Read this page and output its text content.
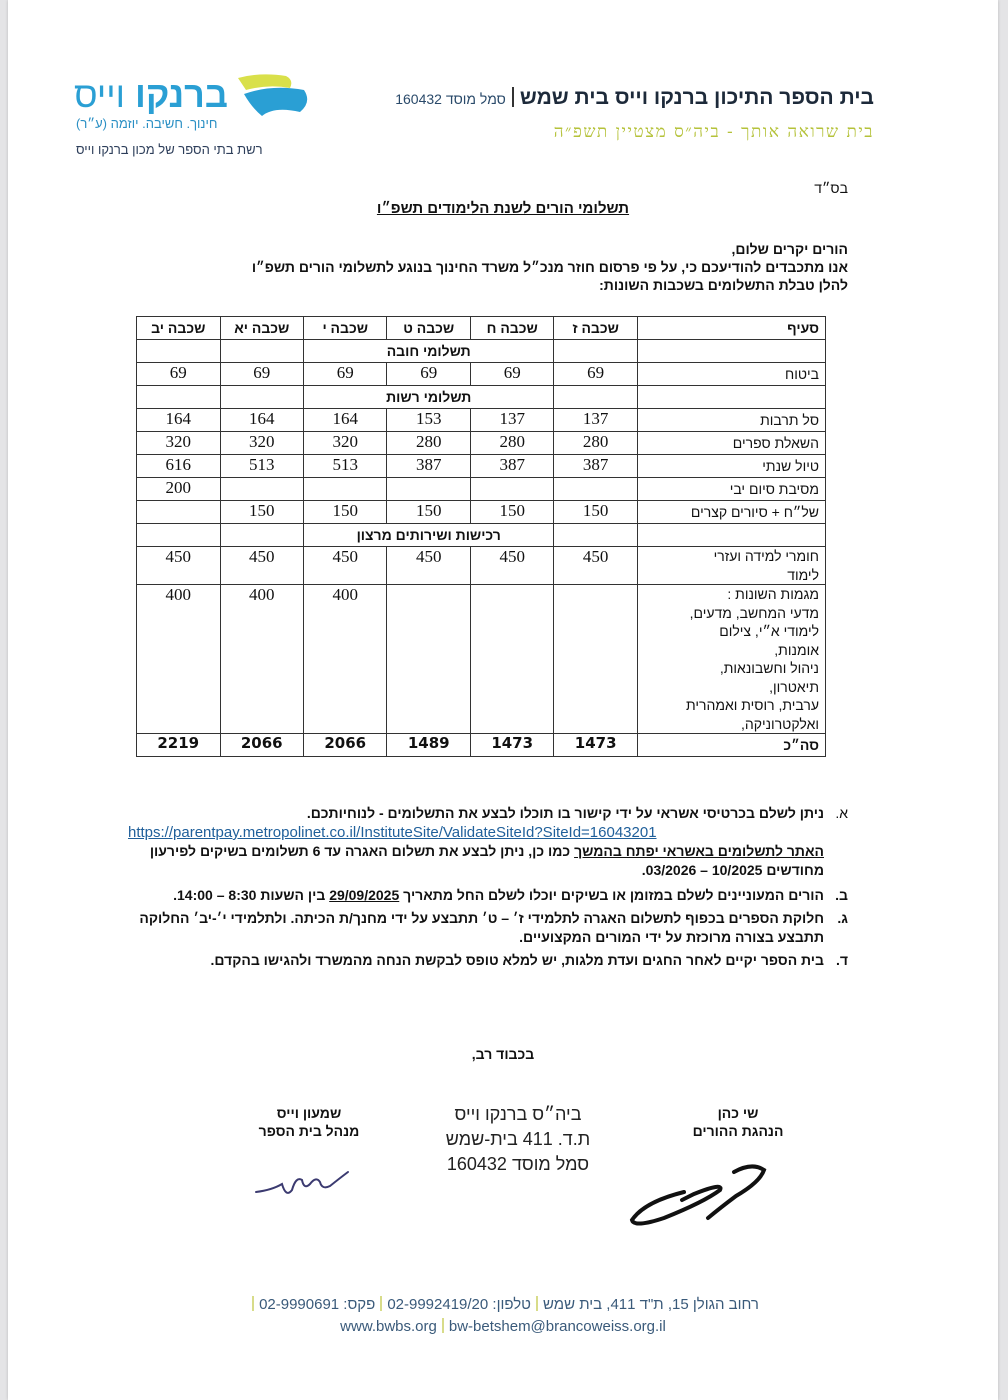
ברנקו וייס
חינוך. חשיבה. יוזמה (ע״ר)
רשת בתי הספר של מכון ברנקו וייס
בית הספר התיכון ברנקו וייס בית שמשסמל מוסד 160432
בית שרואה אותך - ביה״ס מצטיין תשפ״ה
בס״ד
תשלומי הורים לשנת הלימודים תשפ״ו
הורים יקרים שלום,
אנו מתכבדים להודיעכם כי, על פי פרסום חוזר מנכ״ל משרד החינוך בנוגע לתשלומי הורים תשפ״ו
להלן טבלת התשלומים בשכבות השונות:
סעיף	שכבה ז	שכבה ח	שכבה ט	שכבה י	שכבה יא	שכבה יב
		תשלומי חובה				
ביטוח	69	69	69	69	69	69
		תשלומי רשות				
סל תרבות	137	137	153	164	164	164
השאלת ספרים	280	280	280	320	320	320
טיול שנתי	387	387	387	513	513	616
מסיבת סיום יבי						200
של״ח + סיורים קצרים	150	150	150	150	150	
		רכישות ושירותים מרצון				

חומרי למידה ועזרי
לימוד	450	450	450	450	450	450

מגמות השונות :
מדעי המחשב, מדעים,
לימודי א״י, צילום
אומנות,
ניהול וחשבונאות,
תיאטרון,
ערבית, רוסית ואמהרית
ואלקטרוניקה,
				400	400	400
סה״כ	1473	1473	1489	2066	2066	2219
א.
ניתן לשלם בכרטיסי אשראי על ידי קישור בו תוכלו לבצע את התשלומים - לנוחיותכם.
https://parentpay.metropolinet.co.il/InstituteSite/ValidateSiteId?SiteId=16043201
האתר לתשלומים באשראי יפתח בהמשך כמו כן, ניתן לבצע את תשלום האגרה עד 6 תשלומים בשיקים לפירעון מחודשים 10/2025 – 03/2026.
ב.
הורים המעוניינים לשלם במזומן או בשיקים יוכלו לשלם החל מתאריך 29/09/2025 בין השעות 8:30 – 14:00.
ג.
חלוקת הספרים בכפוף לתשלום האגרה לתלמידי ז׳ – ט׳ תתבצע על ידי מחנך/ת הכיתה. ולתלמידי י׳-יב׳ החלוקה תתבצע בצורה מרוכזת על ידי המורים המקצועיים.
ד.
בית הספר יקיים לאחר החגים ועדת מלגות, יש למלא טופס לבקשת הנחה מהמשרד ולהגישו בהקדם.
בכבוד רב,
שי כהן
הנהגת ההורים
ביה״ס ברנקו וייס
ת.ד. 411 בית-שמש
סמל מוסד 160432
שמעון וייס
מנהל בית הספר
רחוב הגולן 15, ת"ד 411, בית שמשטלפון: 02-9992419/20פקס: 02-9990691
www.bwbs.org bw-betshem@brancoweiss.org.il
